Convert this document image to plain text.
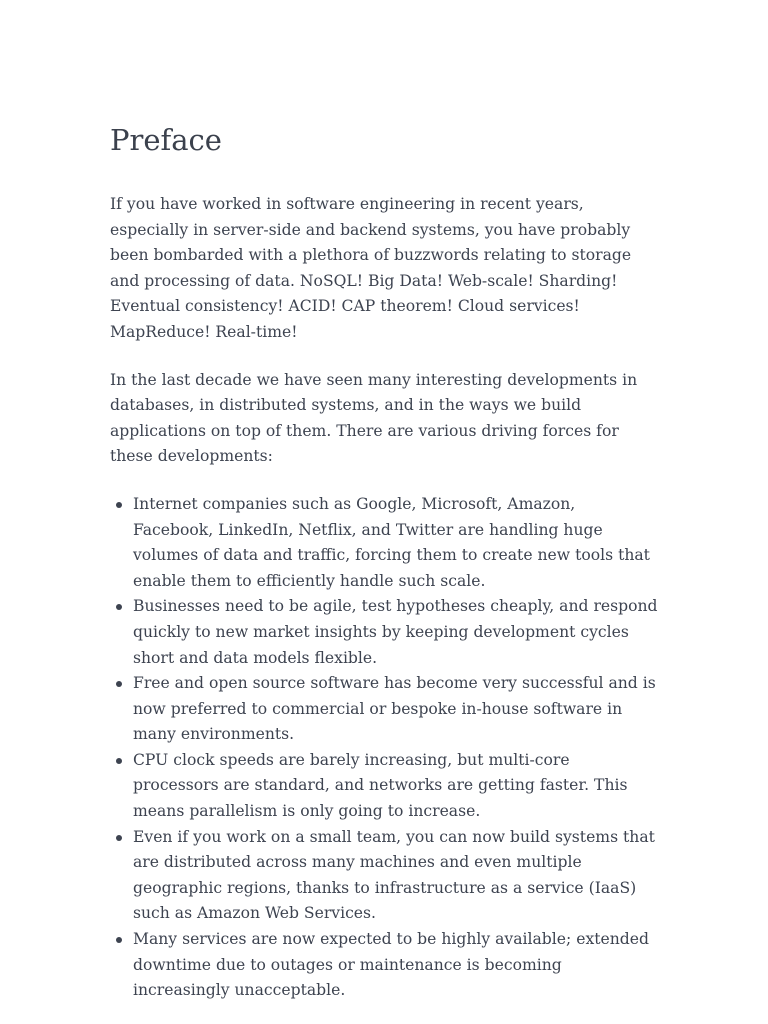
Preface

If you have worked in software engineering in recent years, especially in server-side and backend systems, you have probably been bombarded with a plethora of buzzwords relating to storage and processing of data. NoSQL! Big Data! Web-scale! Sharding! Eventual consistency! ACID! CAP theorem! Cloud services! MapReduce! Real-time!

In the last decade we have seen many interesting developments in databases, in distributed systems, and in the ways we build applications on top of them. There are various driving forces for these developments:

Internet companies such as Google, Microsoft, Amazon, Facebook, LinkedIn, Netflix, and Twitter are handling huge volumes of data and traffic, forcing them to create new tools that enable them to efficiently handle such scale.
Businesses need to be agile, test hypotheses cheaply, and respond quickly to new market insights by keeping development cycles short and data models flexible.
Free and open source software has become very successful and is now preferred to commercial or bespoke in-house software in many environments.
CPU clock speeds are barely increasing, but multi-core processors are standard, and networks are getting faster. This means parallelism is only going to increase.
Even if you work on a small team, you can now build systems that are distributed across many machines and even multiple geographic regions, thanks to infrastructure as a service (IaaS) such as Amazon Web Services.
Many services are now expected to be highly available; extended downtime due to outages or maintenance is becoming increasingly unacceptable.
